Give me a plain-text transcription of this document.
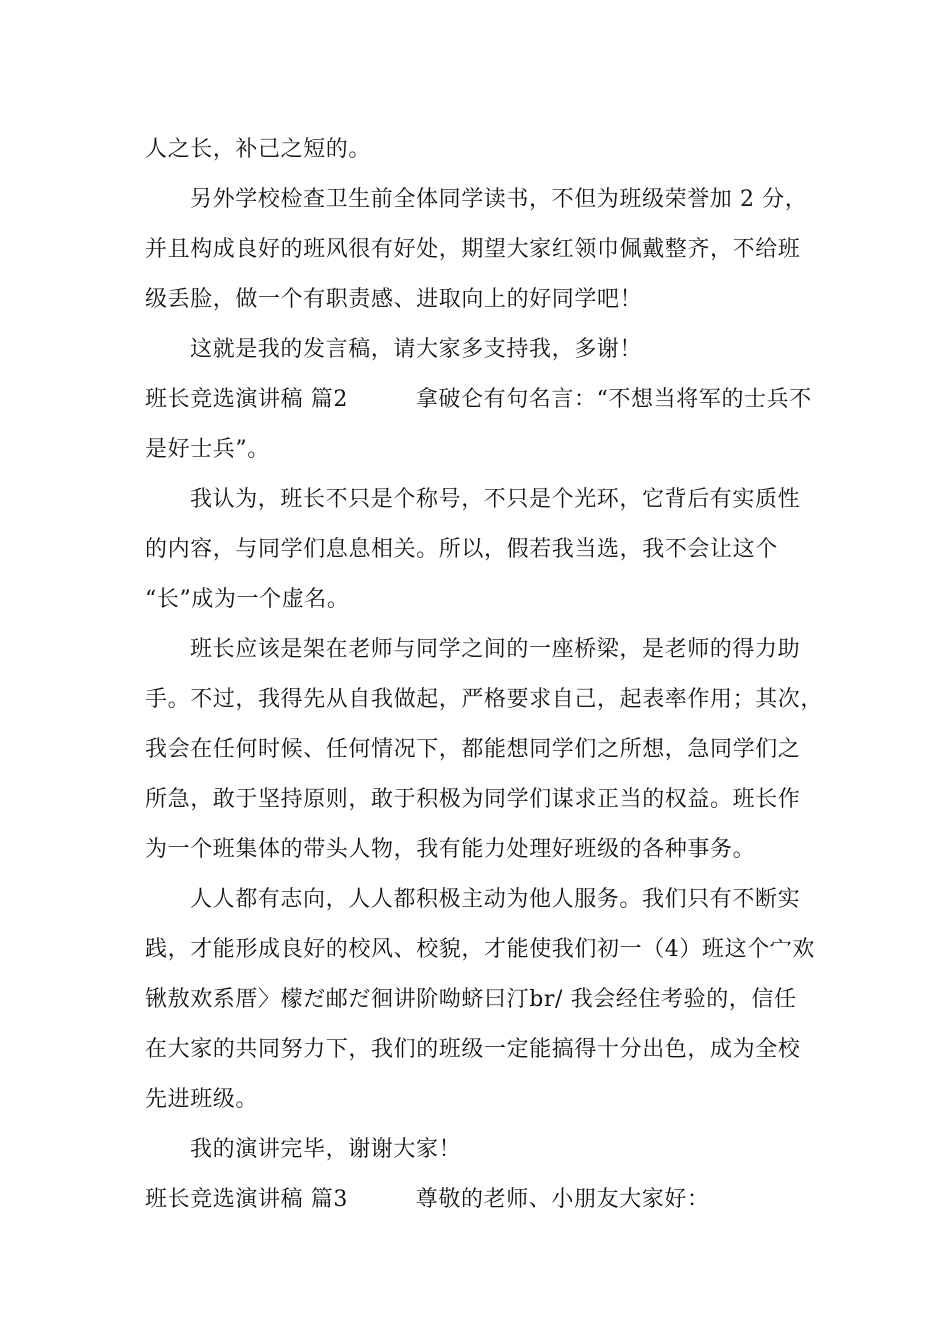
人之长，补己之短的。
另外学校检查卫生前全体同学读书，不但为班级荣誉加 2 分，
并且构成良好的班风很有好处，期望大家红领巾佩戴整齐，不给班
级丢脸，做一个有职责感、进取向上的好同学吧！
这就是我的发言稿，请大家多支持我，多谢！
班长竞选演讲稿 篇2　　　拿破仑有句名言：“不想当将军的士兵不
是好士兵”。
我认为，班长不只是个称号，不只是个光环，它背后有实质性
的内容，与同学们息息相关。所以，假若我当选，我不会让这个
“长”成为一个虚名。
班长应该是架在老师与同学之间的一座桥梁，是老师的得力助
手。不过，我得先从自我做起，严格要求自己，起表率作用；其次，
我会在任何时候、任何情况下，都能想同学们之所想，急同学们之
所急，敢于坚持原则，敢于积极为同学们谋求正当的权益。班长作
为一个班集体的带头人物，我有能力处理好班级的各种事务。
人人都有志向，人人都积极主动为他人服务。我们只有不断实
践，才能形成良好的校风、校貌，才能使我们初一（4）班这个宀欢
锹敖欢系厝〉檬だ邮だ徊讲阶呦蛴曰汀br/ 我会经住考验的，信任
在大家的共同努力下，我们的班级一定能搞得十分出色，成为全校
先进班级。
我的演讲完毕，谢谢大家！
班长竞选演讲稿 篇3　　　尊敬的老师、小朋友大家好：
